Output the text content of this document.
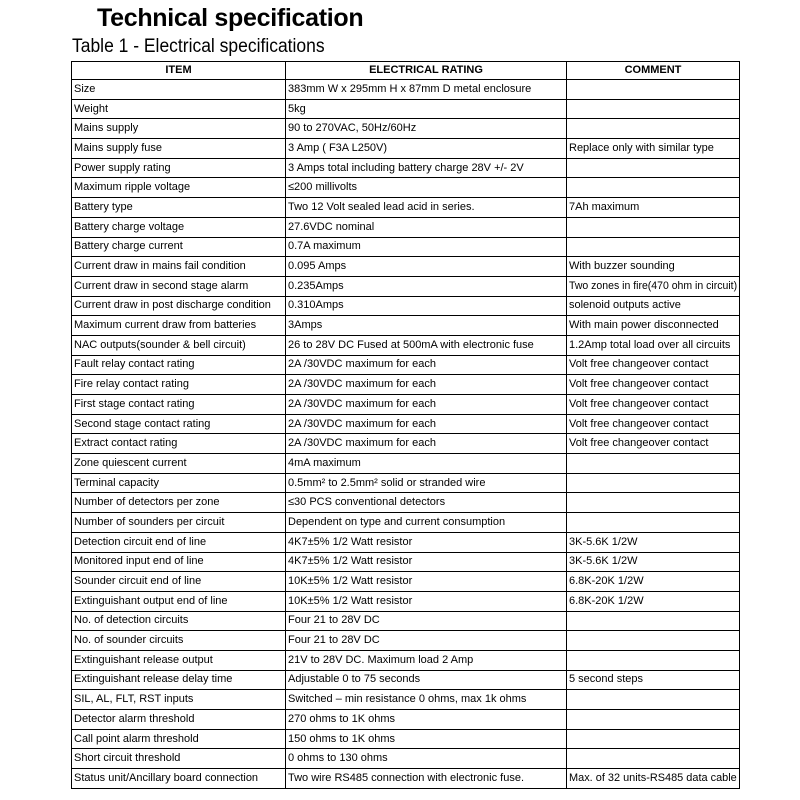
Technical specification
Table 1 - Electrical specifications
ITEM	ELECTRICAL RATING	COMMENT
Size	383mm W x 295mm H x 87mm D metal enclosure	
Weight	5kg	
Mains supply	90 to 270VAC, 50Hz/60Hz	
Mains supply fuse	3 Amp ( F3A L250V)	Replace only with similar type
Power supply rating	3 Amps total including battery charge 28V +/- 2V	
Maximum ripple voltage	≤200 millivolts	
Battery type	Two 12 Volt sealed lead acid in series.	7Ah maximum
Battery charge voltage	27.6VDC nominal	
Battery charge current	0.7A maximum	
Current draw in mains fail condition	0.095 Amps	With buzzer sounding
Current draw in second stage alarm	0.235Amps	Two zones in fire(470 ohm in circuit)
Current draw in post discharge condition	0.310Amps	solenoid outputs active
Maximum current draw from batteries	3Amps	With main power disconnected
NAC outputs(sounder & bell circuit)	26 to 28V DC Fused at 500mA with electronic fuse	1.2Amp total load over all circuits
Fault relay contact rating	2A /30VDC maximum for each	Volt free changeover contact
Fire relay contact rating	2A /30VDC maximum for each	Volt free changeover contact
First stage contact rating	2A /30VDC maximum for each	Volt free changeover contact
Second stage contact rating	2A /30VDC maximum for each	Volt free changeover contact
Extract contact rating	2A /30VDC maximum for each	Volt free changeover contact
Zone quiescent current	4mA maximum	
Terminal capacity	0.5mm² to 2.5mm² solid or stranded wire	
Number of detectors per zone	≤30 PCS conventional detectors	
Number of sounders per circuit	Dependent on type and current consumption	
Detection circuit end of line	4K7±5% 1/2 Watt resistor	3K-5.6K 1/2W
Monitored input end of line	4K7±5% 1/2 Watt resistor	3K-5.6K 1/2W
Sounder circuit end of line	10K±5% 1/2 Watt resistor	6.8K-20K 1/2W
Extinguishant output end of line	10K±5% 1/2 Watt resistor	6.8K-20K 1/2W
No. of detection circuits	Four 21 to 28V DC	
No. of sounder circuits	Four 21 to 28V DC	
Extinguishant release output	21V to 28V DC. Maximum load 2 Amp	
Extinguishant release delay time	Adjustable 0 to 75 seconds	5 second steps
SIL, AL, FLT, RST inputs	Switched – min resistance 0 ohms, max 1k ohms	
Detector alarm threshold	270 ohms to 1K ohms	
Call point alarm threshold	150 ohms to 1K ohms	
Short circuit threshold	0 ohms to 130 ohms	
Status unit/Ancillary board connection	Two wire RS485 connection with electronic fuse.	Max. of 32 units-RS485 data cable
